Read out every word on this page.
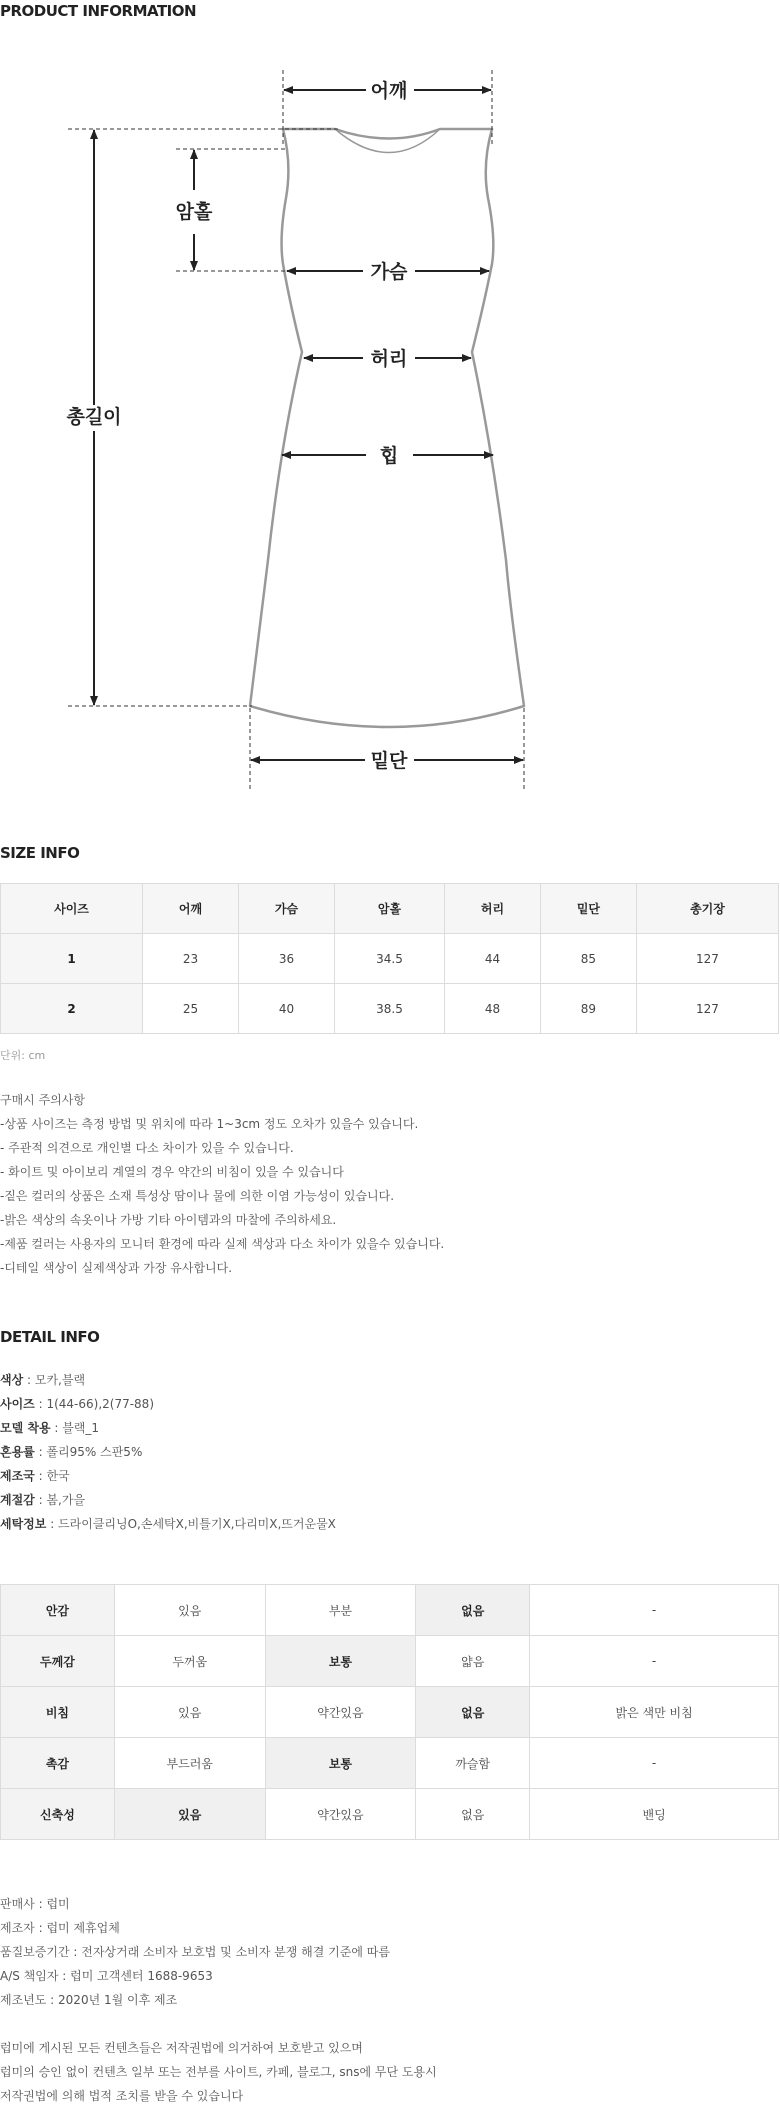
PRODUCT INFORMATION
어깨
암홀
가슴
허리
힙
총길이
밑단
SIZE INFO
사이즈	어깨	가슴	암홀	허리	밑단	총기장
1	23	36	34.5	44	85	127
2	25	40	38.5	48	89	127
단위: cm

구매시 주의사항

-상품 사이즈는 측정 방법 및 위치에 따라 1~3cm 정도 오차가 있을수 있습니다.

- 주관적 의견으로 개인별 다소 차이가 있을 수 있습니다.

- 화이트 및 아이보리 계열의 경우 약간의 비침이 있을 수 있습니다

-짙은 컬러의 상품은 소재 특성상 땀이나 물에 의한 이염 가능성이 있습니다.

-밝은 색상의 속옷이나 가방 기타 아이템과의 마찰에 주의하세요.

-제품 컬러는 사용자의 모니터 환경에 따라 실제 색상과 다소 차이가 있을수 있습니다.

-디테일 색상이 실제색상과 가장 유사합니다.

DETAIL INFO

색상 : 모카,블랙

사이즈 : 1(44-66),2(77-88)

모델 착용 : 블랙_1

혼용률 : 폴리95% 스판5%

제조국 : 한국

계절감 : 봄,가을

세탁정보 : 드라이클리닝O,손세탁X,비틀기X,다리미X,뜨거운물X

안감	있음	부분	없음	-
두께감	두꺼움	보통	얇음	-
비침	있음	약간있음	없음	밝은 색만 비침
촉감	부드러움	보통	까슬함	-
신축성	있음	약간있음	없음	밴딩

판매사 : 럽미

제조자 : 럽미 제휴업체

품질보증기간 : 전자상거래 소비자 보호법 및 소비자 분쟁 해결 기준에 따름

A/S 책임자 : 럽미 고객센터 1688-9653

제조년도 : 2020년 1월 이후 제조

럽미에 게시된 모든 컨텐츠들은 저작권법에 의거하여 보호받고 있으며

럽미의 승인 없이 컨텐츠 일부 또는 전부를 사이트, 카페, 블로그, sns에 무단 도용시

저작권법에 의해 법적 조치를 받을 수 있습니다
